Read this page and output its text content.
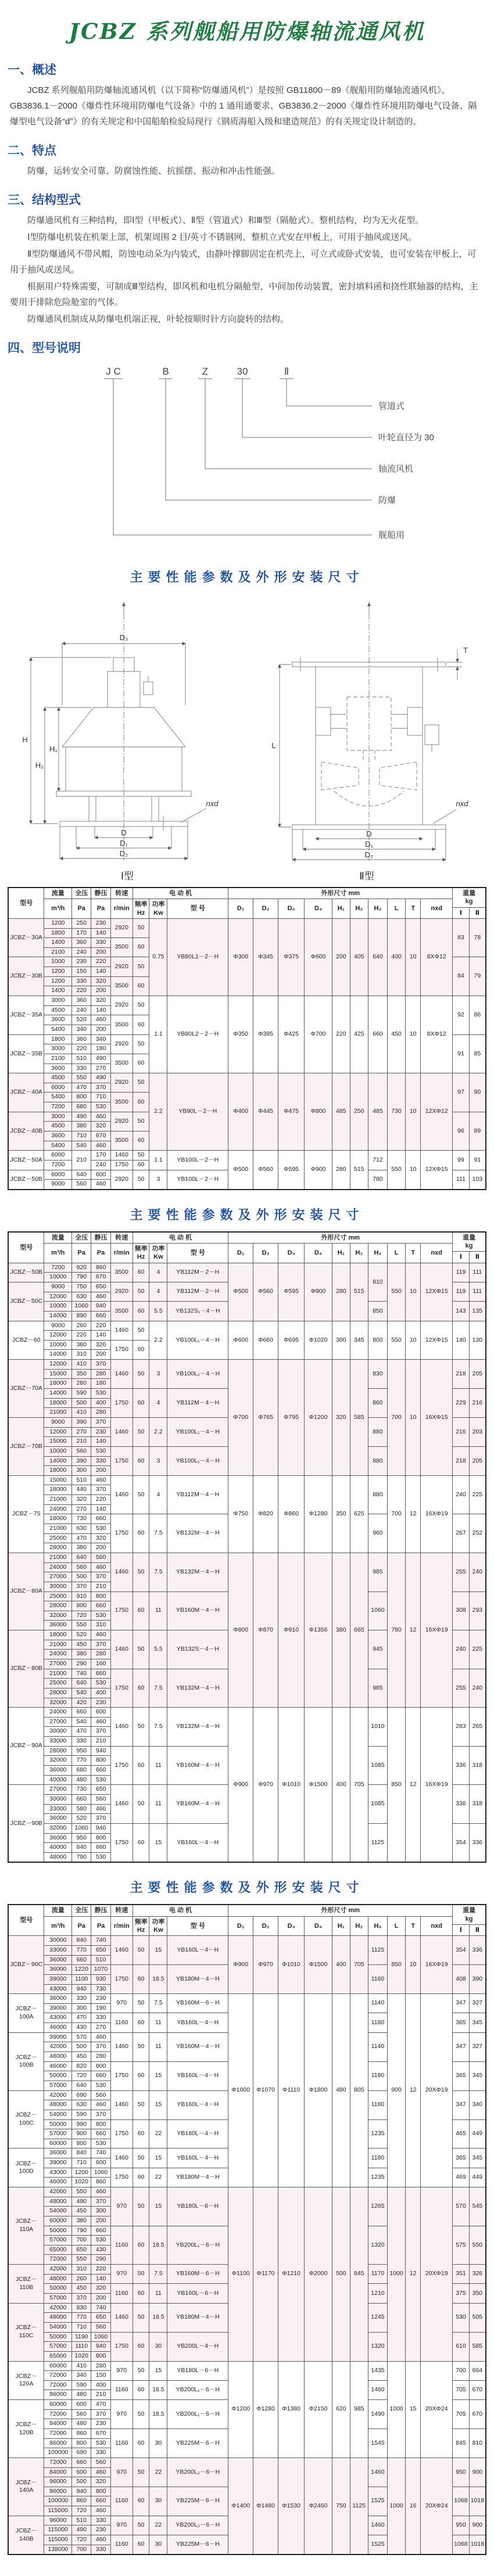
JCBZ 系列舰船用防爆轴流通风机
一、概述

JCBZ 系列舰船用防爆轴流通风机（以下简称“防爆通风机”）是按照 GB11800－89《舰船用防爆轴流通风机》、GB3836.1－2000《爆炸性环境用防爆电气设备》中的 1 通用通要求、GB3836.2－2000《爆炸性环境用防爆电气设备、隔爆型电气设备“d”》的有关规定和中国船舶检验局现行《钢质海船入级和建造规范》的有关规定设计制造的。

二、特点

防爆，运转安全可靠、防腐蚀性能、抗摇摆、振动和冲击性能强。

三、结构型式

防爆通风机有三种结构，即Ⅰ型（甲板式）、Ⅱ型（管道式）和Ⅲ型（隔舱式）。整机结构，均为无火花型。

Ⅰ型防爆电机装在机架上部，机架周围 2 目/英寸不锈钢网，整机立式安在甲板上，可用于抽风或送风。

Ⅱ型防爆通风不带风帽，防蚀电动朵为内装式，由静叶撑脚固定在机壳上，可立式或卧式安装，也可安装在甲板上，可用于抽风或送风。

根据用户特殊需要，可制成Ⅲ型结构，即风机和电机分隔舱型，中间加传动装置，密封填料函和挠性联轴器的结构，主要用于排除危险舱室的气体。

防爆通风机制成从防爆电机端正视，叶轮按顺时针方向旋转的结构。

四、型号说明
J C	B	Z	30	Ⅱ
管道式
叶轮直径为 30
轴流风机
防爆
舰船用
主要性能参数及外形安装尺寸
D₃
H
H₂
H₁
D
D₁
D₂
nxd
T
L
D
D₁
D₂
nxd
Ⅰ型	Ⅱ型
型号	流量	全压	静压	转速	电 动 机			外形尺寸 mm										重量
kg	
	m³/h	Pa	Pa	r/min	频率
Hz	功率
Kw	型 号	D₁	D₂	D₃	D₄	H₁	H₂	H₃	L	T	nxd		
																		Ⅰ	Ⅱ
JCBZ－30A	1200	250	230	2920	50	0.75	YB80L1－2－H	Φ300	Φ345	Φ375	Φ600	200	405	640	400	10	8XΦ12	83	78
	1800	170	140																
	1400	360	330	3500	60														
	2100	240	200																
JCBZ－30B	1000	230	220	2920	50													84	79
	1200	150	140																
	1200	330	320	3500	60														
	1400	220	200																
JCBZ－35A	3000	360	320	2920	50	1.1	YB80L2－2－H	Φ350	Φ395	Φ425	Φ700	220	425	660	450	10	8XΦ12	92	86
	4500	240	140																
	3600	520	460	3500	60														
	5400	340	200																
JCBZ－35B	1800	360	340	2920	50													91	85
	3000	220	180																
	2100	510	490	3500	60														
	3600	330	270																
JCBZ－40A	4500	550	490	2920	50	2.2	YB90L－2－H	Φ400	Φ445	Φ475	Φ800	485	250	485	730	10	12XΦ12	97	90
	6000	470	370																
	5400	800	710	3500	60														
	7200	680	530																
JCBZ－40B	3000	490	460	2920	50													96	89
	4500	380	320																
	3600	710	670	3500	60														
	5400	540	460																
JCBZ－50A	6000	210	170	1460	50	1.1	YB100L－2－H	Φ500	Φ560	Φ595	Φ900	280	515	712	550	10	12XΦ15	99	91
	7200		240	1750	60														
JCBZ－50B	6000	640	600	2920	50	3	YB100L－2－H							780				111	103
	9000	560	460																
主要性能参数及外形安装尺寸
型号	流量	全压	静压	转速	电 动 机			外形尺寸 mm										重量
kg	
	m³/h	Pa	Pa	r/min	频率
Hz	功率
Kw	型 号	D₁	D₂	D₃	D₄	H₁	H₂	H₃	L	T	nxd		
																		Ⅰ	Ⅱ
JCBZ－50B	7200	920	860	3500	60	4	YB112M－2－H	Φ500	Φ560	Φ595	Φ900	280	515	810	550	10	12XΦ15	119	111
	10000	790	670																
JCBZ－50C	9000	750	650	2920	50	4	YB112M－2－H											119	111
	12000	630	460																
	10000	1060	940	3500	60	5.5	YB132S₁－4－H							850				143	135
	14000	890	660																
JCBZ－60	9000	260	220	1460	50	2.2	YB100L₁－4－H	Φ600	Φ660	Φ695	Φ1020	300	345	800	550	10	12XΦ15	140	130
	12000	220	140																
	10000	380	320	1750	60														
	14000	310	200																
JCBZ－70A	12000	410	370	1460	50	3	YB100L₂－4－H	Φ700	Φ765	Φ795	Φ1200	320	585	830	700	10	16XΦ15	218	205
	15000	350	280																
	18000	280	180																
	14000	590	530	1750	60	4	YB112M－4－H							860				229	216
	18000	500	400																
	21000	410	280																
JCBZ－70B	9000	390	370	1460	50	2.2	YB100L₁－4－H							880				216	203
	12000	270	230																
	15000	210	140																
	10000	560	530	1750	60	3	YB100L₁－4－H							880				218	205
	14000	390	330																
	18000	300	200																
JCBZ－75	15000	510	460	1460	50	4	YB112M－4－H	Φ750	Φ820	Φ860	Φ1280	350	625	880	700	12	16XΦ19	240	225
	18000	440	370																
	21000	320	220																
	24000	270	140																
	18000	730	660	1750	60	7.5	YB132M－4－H							960				267	252
	21000	630	530																
	25000	470	320																
	28000	380	200																
JCBZ－80A	21000	640	560	1460	50	7.5	YB132M－4－H	Φ800	Φ870	Φ910	Φ1356	380	665	985	780	12	16XΦ19	255	240
	24000	560	460																
	27000	500	370																
	30000	370	210																
	25000	910	800	1750	60	11	YB160M－4－H							1060				308	293
	28000	800	660																
	32000	720	530																
	36000	550	310																
JCBZ－80B	18000	520	460	1460	50	5.5	YB132S－4－H							945				240	225
	21000	450	370																
	24000	380	280																
	27000	290	160																
	21000	740	660	1750	60	7.5	YB132M－4－H							985				255	240
	25000	640	530																
	28000	540	400																
	32000	420	230																
JCBZ－90A	24000	660	600	1460	50	7.5	YB132M－4－H	Φ900	Φ970	Φ1010	Φ1500	400	705	1010	850	12	16XΦ19	283	265
	27000	540	460																
	30000	470	370																
	33000	330	210																
	28000	950	940	1750	60	11	YB160M－4－H							1085				336	318
	32000	770	800																
	36000	680	660																
	40000	480	530																
JCBZ－90B	27000	730	650	1460	50	11	YB160M－4－H							1085				336	318
	30000	660	560																
	33000	580	460																
	36000	520	370																
	32000	1060	940	1750	60	15	YB160L－4－H							1125				354	336
	36000	950	800																
	40000	840	660																
	48000	790	530																
主要性能参数及外形安装尺寸
型号	流量	全压	静压	转速	电 动 机			外形尺寸 mm										重量
kg	
	m³/h	Pa	Pa	r/min	频率
Hz	功率
Kw	型 号	D₁	D₂	D₃	D₄	H₁	H₂	H₃	L	T	nxd		
																		Ⅰ	Ⅱ
JCBZ－90C	30000	840	740	1460	50	15	YB160L－4－H	Φ900	Φ970	Φ1010	Φ1500	400	705	1125	850	10	16XΦ19	354	336
	33000	770	650																
	36000	660	510																
	36000	1220	1070	1750	60	18.5	YB180M－4－H							1160				408	390
	39000	1100	930																
	43000	940	730																
JCBZ－100A	36000	330	230	970	50	7.5	YB160M－6－H	Φ1000	Φ1070	Φ1110	Φ1800	480	805	1140	900	12	20XΦ19	347	327
	39000	300	190																
	43000	470	330	1160	60	11	YB160L－4－H							1180				365	345
	46000	430	270																
JCBZ－100B	39000	570	460	1460	50	11	YB160M－4－H							1140				347	327
	42000	500	370																
	48000	450	280																
	46000	820	800	1750	60	15	YB160L－4－H							1180				365	345
	50000	720	660																
	57000	640	530																
JCBZ－100C	42000	690	560	1460	50	15	YB160L－4－H							1180				347	340
	48000	630	460																
	54000	590	370																
	50000	990	800	1750	60	22	YB180L－4－H							1235				465	449
	57000	900	660																
	60000	800	530																
JCBZ－100D	36000	840	740	1460	50	15	YB160L－4－H							1180				365	345
	39000	710	600																
	43000	1200	1060	1750	60	22	YB180M－4－H							1235				469	449
	46000	1020	860																
JCBZ－110A	42000	550	460	970	50	15	YB180L－6－H	Φ1100	Φ1170	Φ1210	Φ2000	500	845	1265	1000	12	20XΦ19	570	545
	48000	490	370																
	54000	450	300																
	60000	380	200																
	50000	790	660	1160	60	18.5	YB200L₁－6－H							1320				575	550
	57000	700	530																
	65000	650	430																
	72000	550	290																
JCBZ－110B	42000	310	220	970	50	7.5	YB160M－6－H							1170				351	326
	48000	260	140																
	50000	450	320	1160	60	11	YB160L－6－H							1210				375	350
	57000	370	200																
JCBZ－110C	42000	830	740	1460	50	18.5	YB180M－4－H							1245				530	505
	48000	770	650																
	54000	710	560																
	50000	1190	1060	1750	60	30	YB200L－4－H							1320				610	585
	57000	1110	940																
	65000	1020	800																
JCBZ－120A	60000	410	280	970	50	15	YB180L－6－H	Φ1200	Φ1280	Φ1380	Φ2150	620	985	1435	1000	15	20XΦ24	700	664
	72000	340	150																
	72000	590	400	1160	60	18.5	YB200L₁－6－H							1460				705	670
	86000	480	210																
JCBZ－120B	60000	600	470	970	50	18.5	YB200L₁－6－H							1490				705	670
	72000	560	370																
	84000	480	230																
	72000	860	670	1160	60	30	YB225M－6－H							1545				845	810
	86000	800	530																
	100000	690	330																
JCBZ－140A	72000	660	560	970	50	22	YB200L₂－6－H	Φ1400	Φ1480	Φ1530	Φ2460	750	1125	1460	1000	16	20XΦ24	950	900
	84000	600	460																
	96000	500	320																
	86000	940	800	1160	60	30	YB225M－6－H							1525				1068	1018
	100000	860	660																
	115000	720	460																
JCBZ－140B	96000	510	330	970	50	22	YB200L₂－6－H							1460				950	900
	115000	490	230																
	115000	720	460	1160	60	30	YB225M－6－H							1525				1068	1018
	138000	700	330																
